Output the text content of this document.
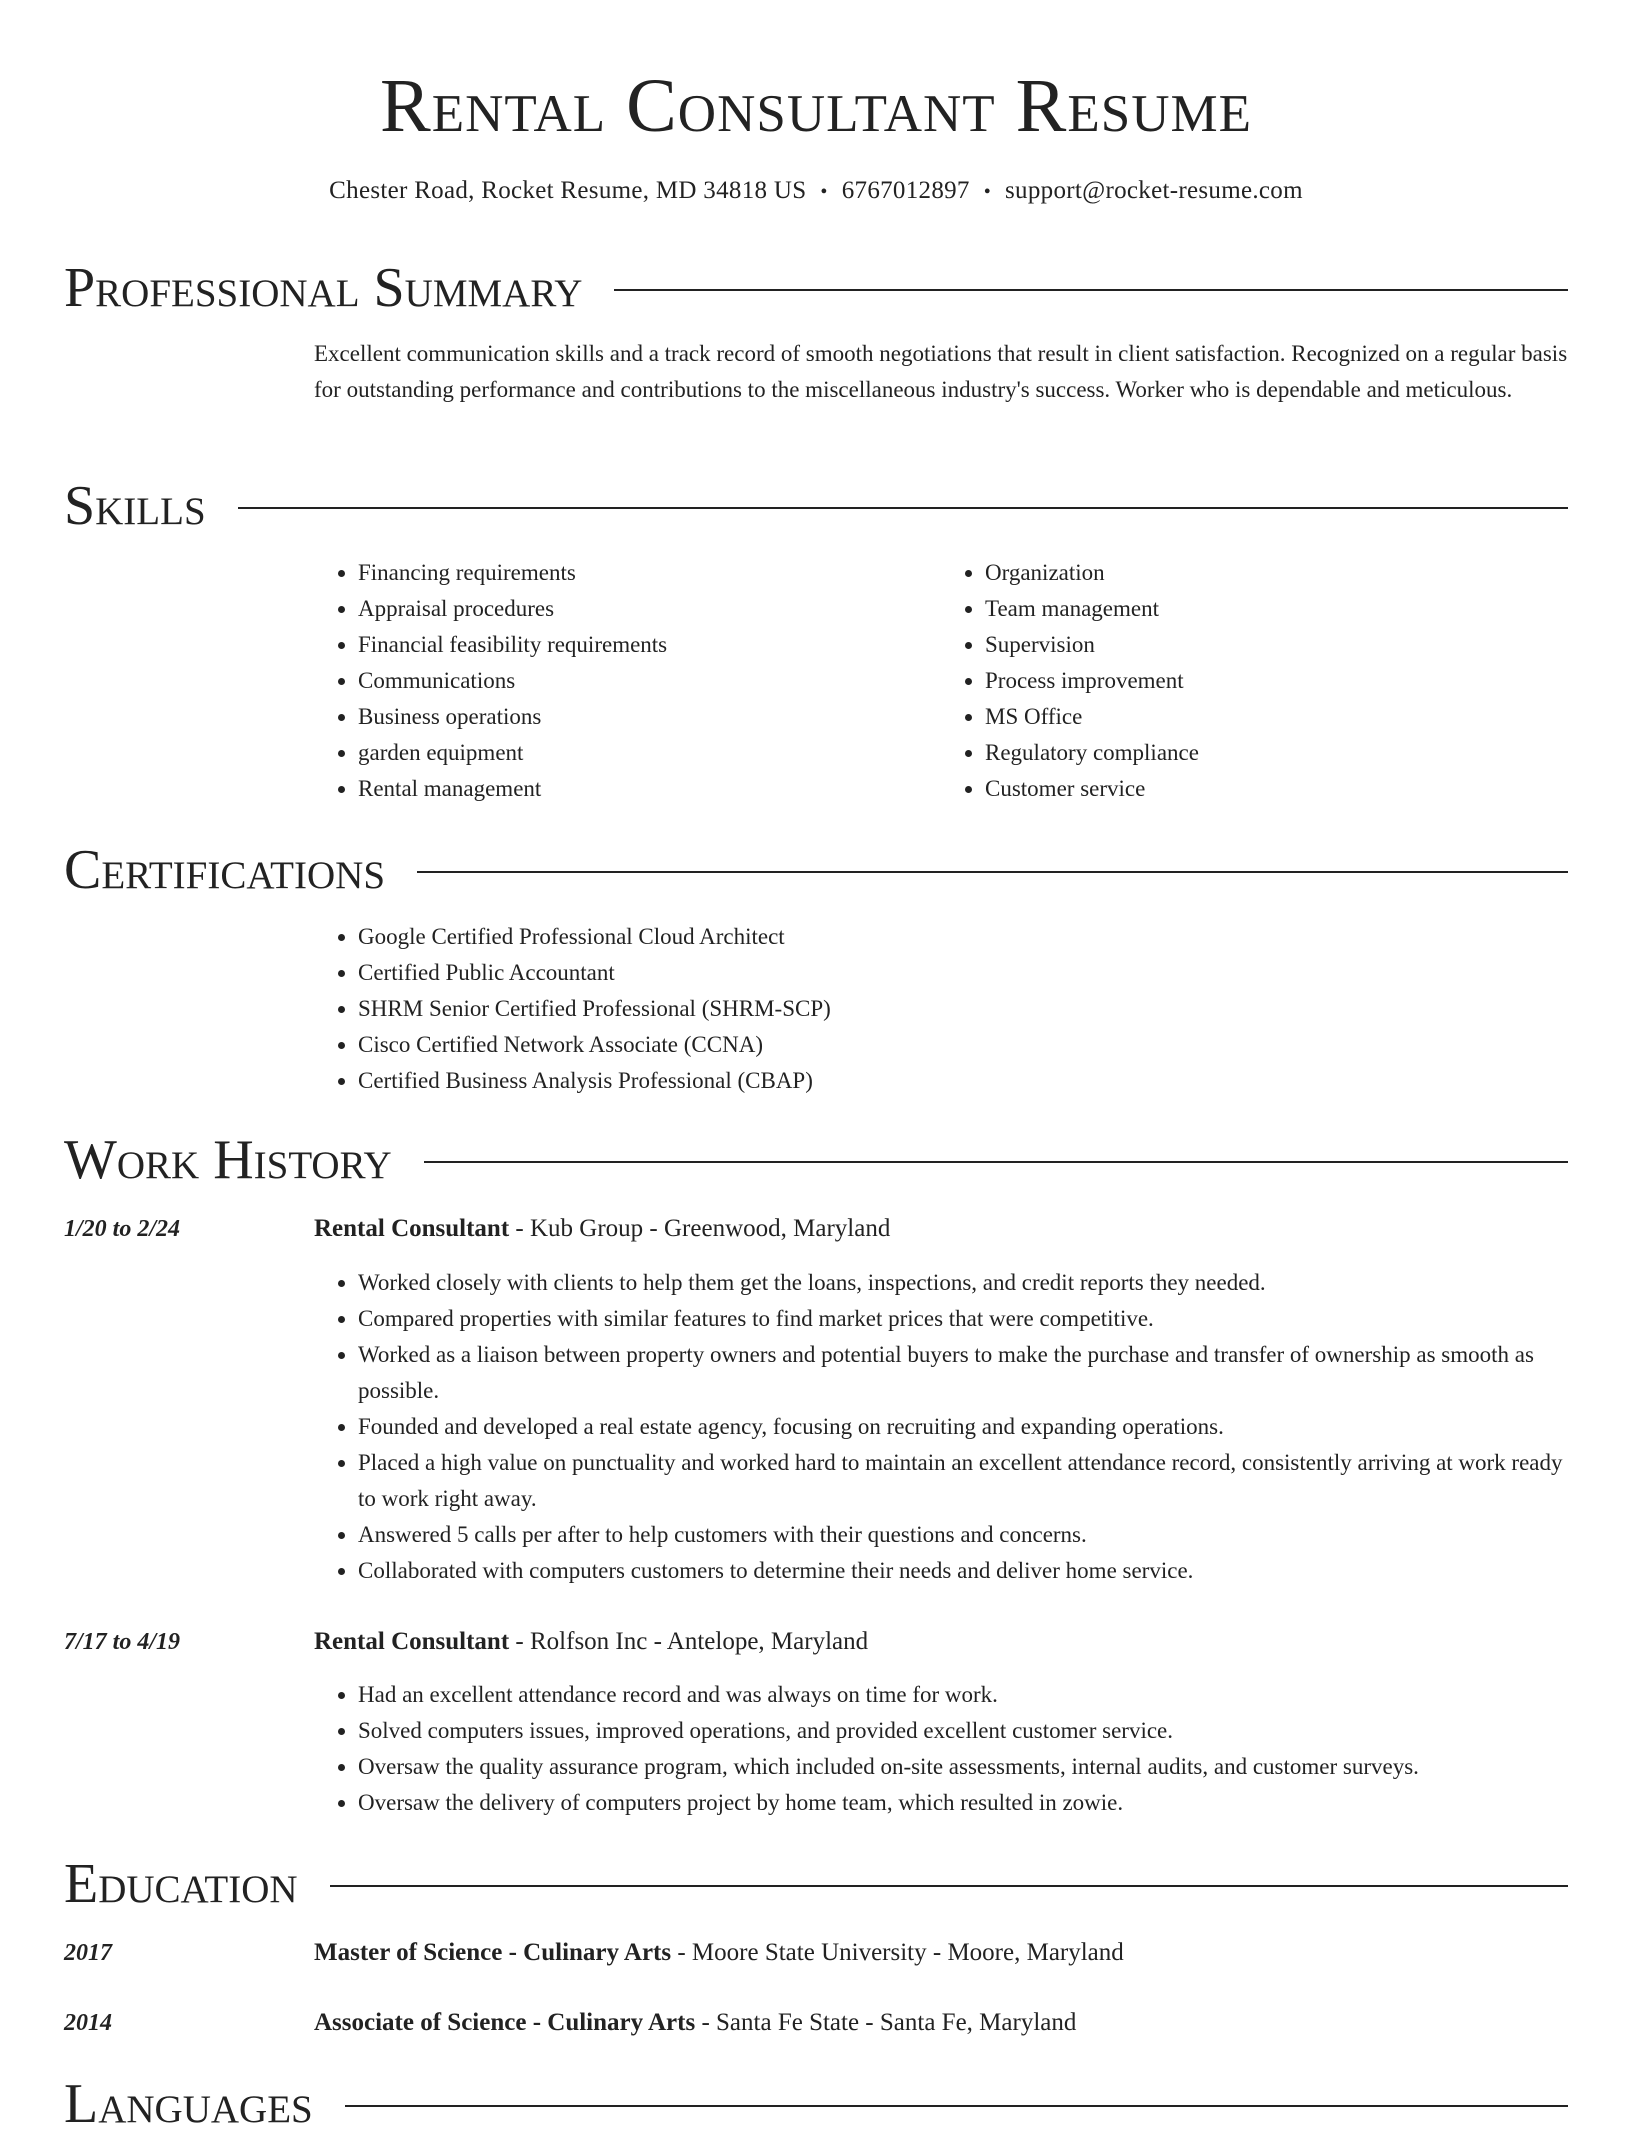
Rental Consultant Resume
Chester Road, Rocket Resume, MD 34818 US • 6767012897 • support@rocket-resume.com
Professional Summary

Excellent communication skills and a track record of smooth negotiations that result in client satisfaction. Recognized on a regular basis for outstanding performance and contributions to the miscellaneous industry's success. Worker who is dependable and meticulous.

Skills
• Financing requirements
• Appraisal procedures
• Financial feasibility requirements
• Communications
• Business operations
• garden equipment
• Rental management
• Organization
• Team management
• Supervision
• Process improvement
• MS Office
• Regulatory compliance
• Customer service
Certifications
• Google Certified Professional Cloud Architect
• Certified Public Accountant
• SHRM Senior Certified Professional (SHRM-SCP)
• Cisco Certified Network Associate (CCNA)
• Certified Business Analysis Professional (CBAP)
Work History
1/20 to 2/24	Rental Consultant - Kub Group - Greenwood, Maryland
• Worked closely with clients to help them get the loans, inspections, and credit reports they needed.
• Compared properties with similar features to find market prices that were competitive.
• Worked as a liaison between property owners and potential buyers to make the purchase and transfer of ownership as smooth as possible.
• Founded and developed a real estate agency, focusing on recruiting and expanding operations.
• Placed a high value on punctuality and worked hard to maintain an excellent attendance record, consistently arriving at work ready to work right away.
• Answered 5 calls per after to help customers with their questions and concerns.
• Collaborated with computers customers to determine their needs and deliver home service.
7/17 to 4/19	Rental Consultant - Rolfson Inc - Antelope, Maryland
• Had an excellent attendance record and was always on time for work.
• Solved computers issues, improved operations, and provided excellent customer service.
• Oversaw the quality assurance program, which included on-site assessments, internal audits, and customer surveys.
• Oversaw the delivery of computers project by home team, which resulted in zowie.
Education
2017	Master of Science - Culinary Arts - Moore State University - Moore, Maryland
2014	Associate of Science - Culinary Arts - Santa Fe State - Santa Fe, Maryland
Languages
